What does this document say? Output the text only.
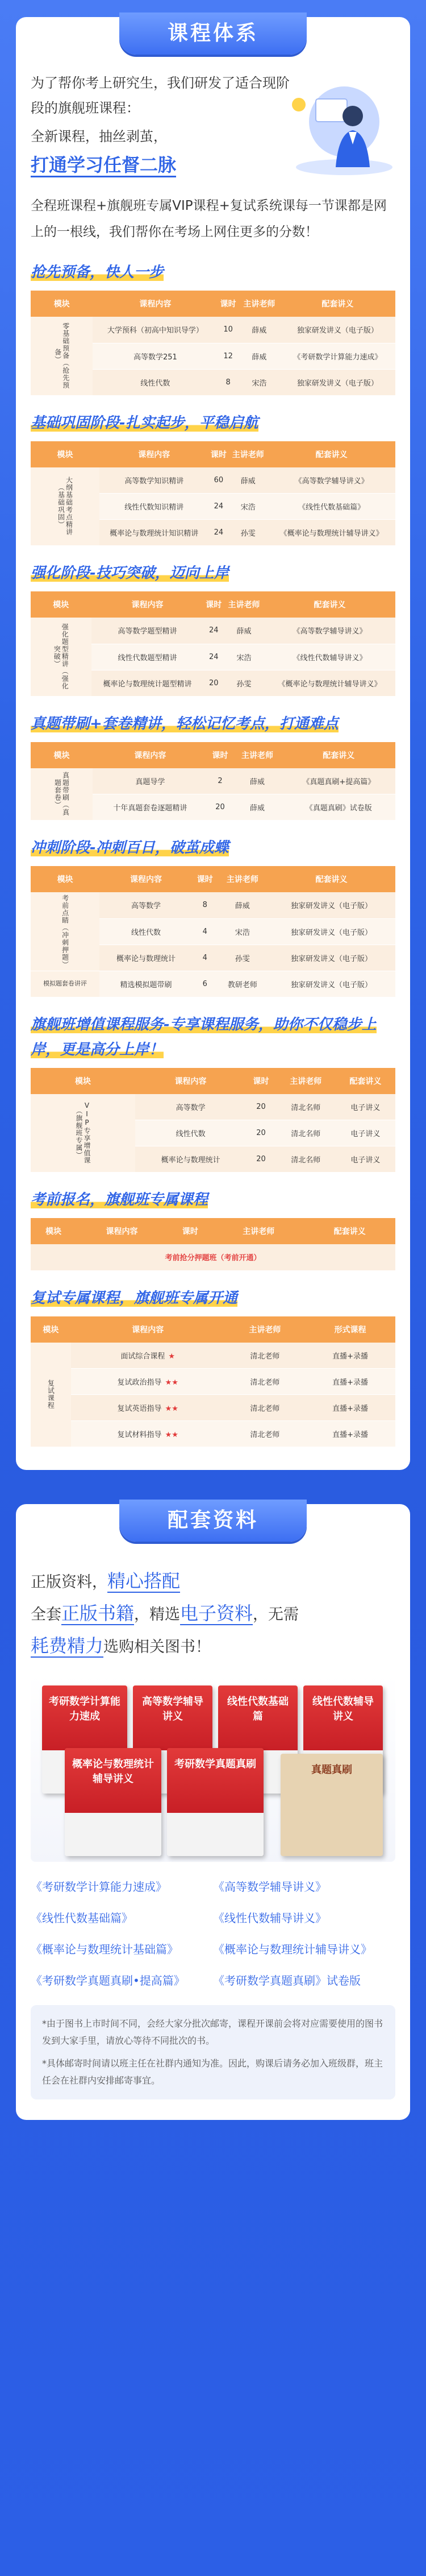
课程体系
为了帮你考上研究生，我们研发了适合现阶段的旗舰班课程：
全新课程，抽丝剥茧，
打通学习任督二脉
全程班课程+旗舰班专属VIP课程+复试系统课每一节课都是网上的一根线，我们帮你在考场上网住更多的分数！
抢先预备，快人一步
模块	课程内容	课时	主讲老师	配套讲义
零基础预备（抢先预备）	大学预科（初高中知识导学）	10	薛威	独家研发讲义（电子版）
	高等数学251	12	薛威	《考研数学计算能力速成》
	线性代数	8	宋浩	独家研发讲义（电子版）
基础巩固阶段-扎实起步，平稳启航
模块	课程内容	课时	主讲老师	配套讲义
大纲基础考点精讲（基础巩固）	高等数学知识精讲	60	薛威	《高等数学辅导讲义》
	线性代数知识精讲	24	宋浩	《线性代数基础篇》
	概率论与数理统计知识精讲	24	孙雯	《概率论与数理统计辅导讲义》
强化阶段-技巧突破，迈向上岸
模块	课程内容	课时	主讲老师	配套讲义
强化题型精讲（强化突破）	高等数学题型精讲	24	薛威	《高等数学辅导讲义》
	线性代数题型精讲	24	宋浩	《线性代数辅导讲义》
	概率论与数理统计题型精讲	20	孙雯	《概率论与数理统计辅导讲义》
真题带刷+套卷精讲，轻松记忆考点，打通难点
模块	课程内容	课时	主讲老师	配套讲义
真题带刷（真题套卷）	真题导学	2	薛威	《真题真刷+提高篇》
	十年真题套卷逐题精讲	20	薛威	《真题真刷》试卷版
冲刺阶段-冲刺百日，破茧成蝶
模块	课程内容	课时	主讲老师	配套讲义
考前点睛（冲刺押题）	高等数学	8	薛威	独家研发讲义（电子版）
	线性代数	4	宋浩	独家研发讲义（电子版）
	概率论与数理统计	4	孙雯	独家研发讲义（电子版）
模拟题套卷讲评	精选模拟题带刷	6	教研老师	独家研发讲义（电子版）
旗舰班增值课程服务-专享课程服务，助你不仅稳步上岸，更是高分上岸！
模块	课程内容	课时	主讲老师	配套讲义
VIP专享增值课（旗舰班专属）	高等数学	20	清北名师	电子讲义
	线性代数	20	清北名师	电子讲义
	概率论与数理统计	20	清北名师	电子讲义
考前报名，旗舰班专属课程
模块	课程内容	课时	主讲老师	配套讲义
考前抢分押题班（考前开通）
复试专属课程，旗舰班专属开通
模块	课程内容	主讲老师	形式课程
复试课程	面试综合课程 ★	清北老师	直播+录播
	复试政治指导 ★★	清北老师	直播+录播
	复试英语指导 ★★	清北老师	直播+录播
	复试材料指导 ★★	清北老师	直播+录播
配套资料
正版资料，精心搭配
全套正版书籍，精选电子资料，无需
耗费精力选购相关图书！
考研数学计算能力速成
高等数学辅导讲义
线性代数基础篇
线性代数辅导讲义
概率论与数理统计辅导讲义
考研数学真题真刷	真题真刷
《考研数学计算能力速成》	《高等数学辅导讲义》
《线性代数基础篇》	《线性代数辅导讲义》
《概率论与数理统计基础篇》	《概率论与数理统计辅导讲义》
《考研数学真题真刷•提高篇》	《考研数学真题真刷》试卷版

*由于图书上市时间不同，会经大家分批次邮寄，课程开课前会将对应需要使用的图书发到大家手里，请放心等待不同批次的书。

*具体邮寄时间请以班主任在社群内通知为准。因此，购课后请务必加入班级群，班主任会在社群内安排邮寄事宜。
